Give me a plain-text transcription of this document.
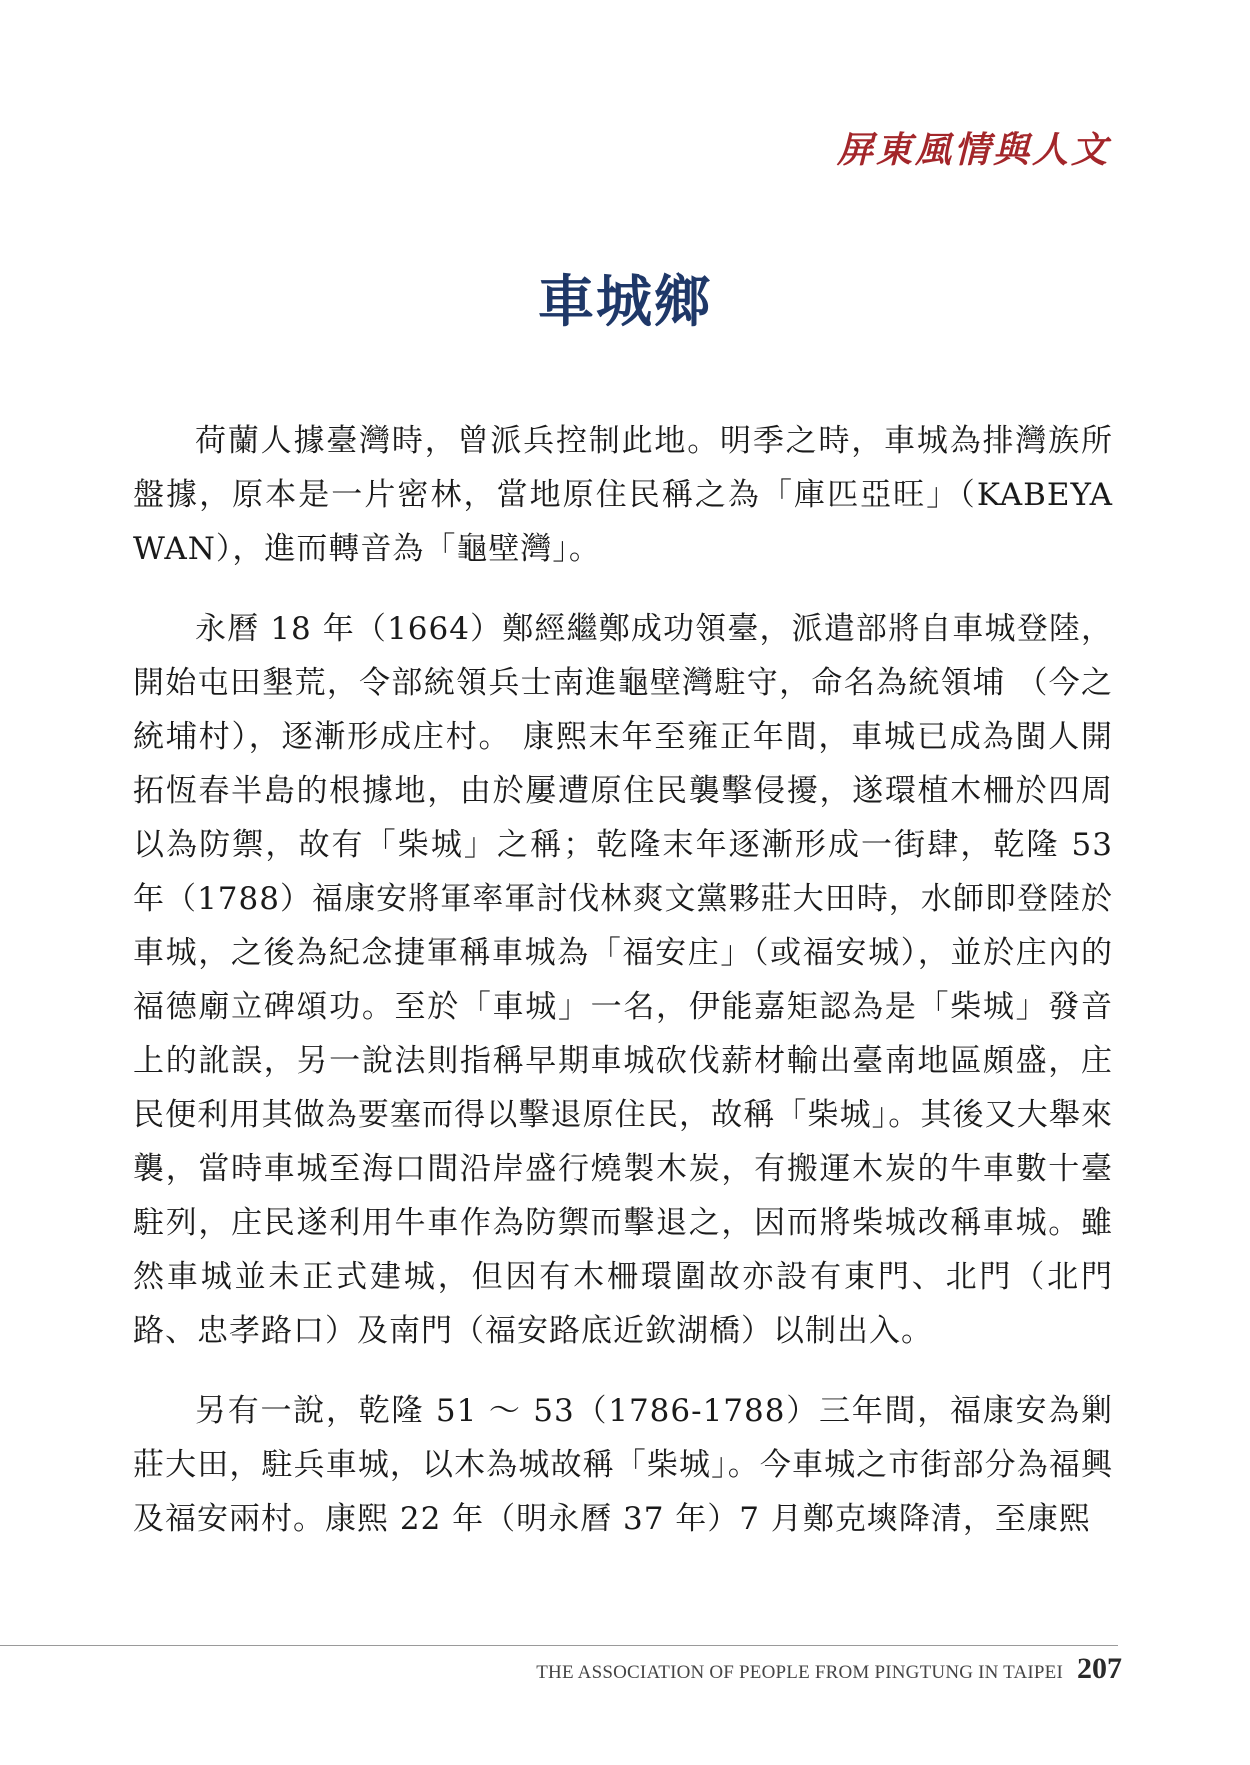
屏東風情與人文
車城鄉

荷蘭人據臺灣時，曾派兵控制此地。明季之時，車城為排灣族所盤據，原本是一片密林，當地原住民稱之為「庫匹亞旺」（KABEYAWAN），進而轉音為「龜壁灣」。

永曆 18 年（1664）鄭經繼鄭成功領臺，派遣部將自車城登陸，開始屯田墾荒，令部統領兵士南進龜壁灣駐守，命名為統領埔 （今之統埔村），逐漸形成庄村。 康熙末年至雍正年間，車城已成為閩人開拓恆春半島的根據地，由於屢遭原住民襲擊侵擾，遂環植木柵於四周以為防禦，故有「柴城」之稱；乾隆末年逐漸形成一街肆，乾隆 53 年（1788）福康安將軍率軍討伐林爽文黨夥莊大田時，水師即登陸於車城，之後為紀念捷軍稱車城為「福安庄」（或福安城），並於庄內的福德廟立碑頌功。至於「車城」一名，伊能嘉矩認為是「柴城」發音上的訛誤，另一說法則指稱早期車城砍伐薪材輸出臺南地區頗盛，庄民便利用其做為要塞而得以擊退原住民，故稱「柴城」。其後又大舉來襲，當時車城至海口間沿岸盛行燒製木炭，有搬運木炭的牛車數十臺駐列，庄民遂利用牛車作為防禦而擊退之，因而將柴城改稱車城。雖然車城並未正式建城，但因有木柵環圍故亦設有東門、北門（北門路、忠孝路口）及南門（福安路底近欽湖橋）以制出入。

另有一說，乾隆 51 ～ 53（1786-1788）三年間，福康安為剿莊大田，駐兵車城，以木為城故稱「柴城」。今車城之市街部分為福興及福安兩村。康熙 22 年（明永曆 37 年）7 月鄭克塽降清，至康熙

THE ASSOCIATION OF PEOPLE FROM PINGTUNG IN TAIPEI 207
